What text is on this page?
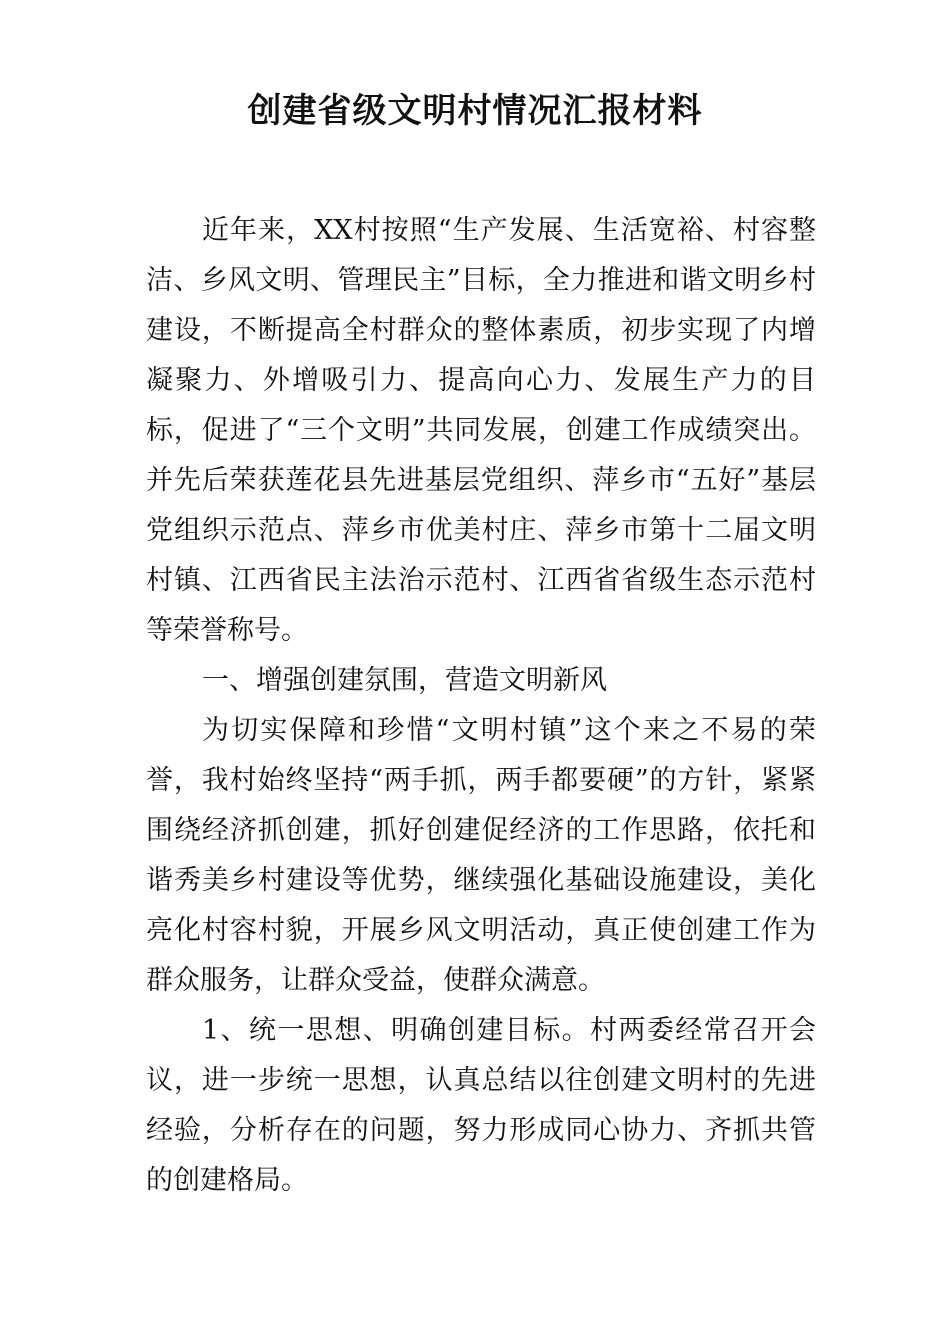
创建省级文明村情况汇报材料

近年来，XX村按照“生产发展、生活宽裕、村容整洁、乡风文明、管理民主”目标，全力推进和谐文明乡村建设，不断提高全村群众的整体素质，初步实现了内增凝聚力、外增吸引力、提高向心力、发展生产力的目标，促进了“三个文明”共同发展，创建工作成绩突出。并先后荣获莲花县先进基层党组织、萍乡市“五好”基层党组织示范点、萍乡市优美村庄、萍乡市第十二届文明村镇、江西省民主法治示范村、江西省省级生态示范村等荣誉称号。

一、增强创建氛围，营造文明新风

为切实保障和珍惜“文明村镇”这个来之不易的荣誉，我村始终坚持“两手抓，两手都要硬”的方针，紧紧围绕经济抓创建，抓好创建促经济的工作思路，依托和谐秀美乡村建设等优势，继续强化基础设施建设，美化亮化村容村貌，开展乡风文明活动，真正使创建工作为群众服务，让群众受益，使群众满意。

1、统一思想、明确创建目标。村两委经常召开会议，进一步统一思想，认真总结以往创建文明村的先进经验，分析存在的问题，努力形成同心协力、齐抓共管的创建格局。
